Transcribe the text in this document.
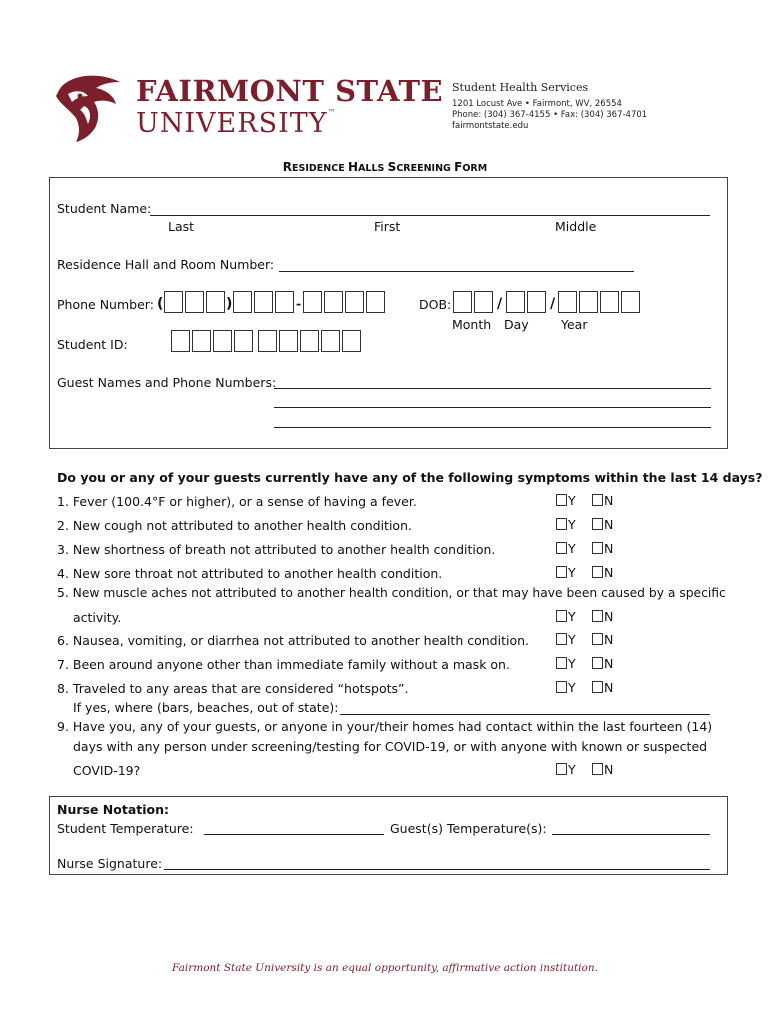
FAIRMONT STATE
UNIVERSITY™
Student Health Services
1201 Locust Ave • Fairmont, WV, 26554
Phone: (304) 367-4155 • Fax: (304) 367-4701
fairmontstate.edu
RESIDENCE HALLS SCREENING FORM
Student Name:
Last	First	Middle
Residence Hall and Room Number:
Phone Number: (	)	-	DOB:	/	/
Month Day	Year
Student ID:
Guest Names and Phone Numbers:
Do you or any of your guests currently have any of the following symptoms within the last 14 days?
1. Fever (100.4°F or higher), or a sense of having a fever.	Y	N
2. New cough not attributed to another health condition.	Y	N
3. New shortness of breath not attributed to another health condition.	Y	N
4. New sore throat not attributed to another health condition.	Y	N
5. New muscle aches not attributed to another health condition, or that may have been caused by a specific
activity.	Y	N
6. Nausea, vomiting, or diarrhea not attributed to another health condition.	Y	N
7. Been around anyone other than immediate family without a mask on.	Y	N
8. Traveled to any areas that are considered “hotspots”.	Y	N
If yes, where (bars, beaches, out of state):
9. Have you, any of your guests, or anyone in your/their homes had contact within the last fourteen (14)
days with any person under screening/testing for COVID-19, or with anyone with known or suspected
COVID-19?	Y	N
Nurse Notation:
Student Temperature:	Guest(s) Temperature(s):
Nurse Signature:
Fairmont State University is an equal opportunity, affirmative action institution.
